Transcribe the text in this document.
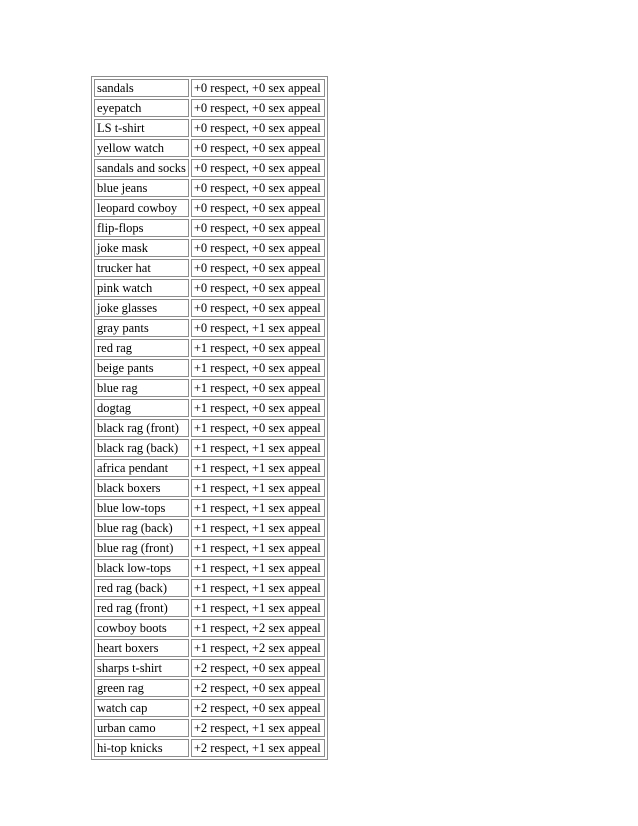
sandals	+0 respect, +0 sex appeal
eyepatch	+0 respect, +0 sex appeal
LS t-shirt	+0 respect, +0 sex appeal
yellow watch	+0 respect, +0 sex appeal
sandals and socks	+0 respect, +0 sex appeal
blue jeans	+0 respect, +0 sex appeal
leopard cowboy	+0 respect, +0 sex appeal
flip-flops	+0 respect, +0 sex appeal
joke mask	+0 respect, +0 sex appeal
trucker hat	+0 respect, +0 sex appeal
pink watch	+0 respect, +0 sex appeal
joke glasses	+0 respect, +0 sex appeal
gray pants	+0 respect, +1 sex appeal
red rag	+1 respect, +0 sex appeal
beige pants	+1 respect, +0 sex appeal
blue rag	+1 respect, +0 sex appeal
dogtag	+1 respect, +0 sex appeal
black rag (front)	+1 respect, +0 sex appeal
black rag (back)	+1 respect, +1 sex appeal
africa pendant	+1 respect, +1 sex appeal
black boxers	+1 respect, +1 sex appeal
blue low-tops	+1 respect, +1 sex appeal
blue rag (back)	+1 respect, +1 sex appeal
blue rag (front)	+1 respect, +1 sex appeal
black low-tops	+1 respect, +1 sex appeal
red rag (back)	+1 respect, +1 sex appeal
red rag (front)	+1 respect, +1 sex appeal
cowboy boots	+1 respect, +2 sex appeal
heart boxers	+1 respect, +2 sex appeal
sharps t-shirt	+2 respect, +0 sex appeal
green rag	+2 respect, +0 sex appeal
watch cap	+2 respect, +0 sex appeal
urban camo	+2 respect, +1 sex appeal
hi-top knicks	+2 respect, +1 sex appeal
